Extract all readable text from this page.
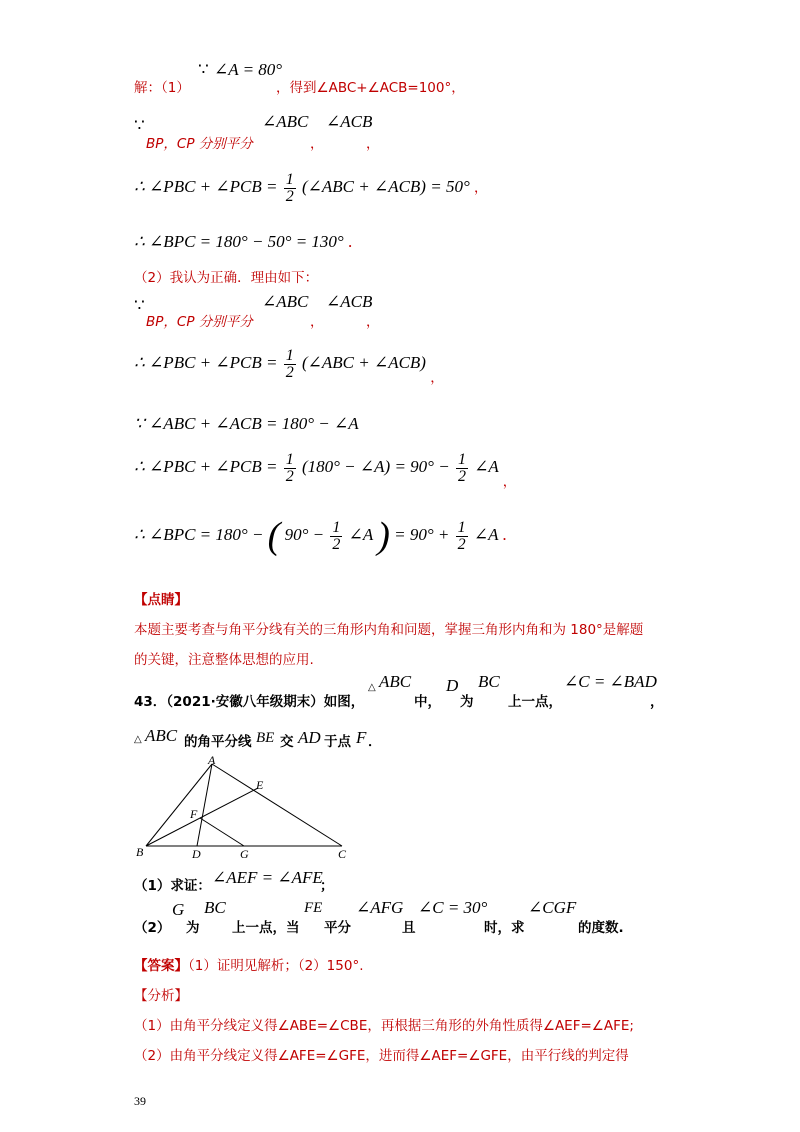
解：（1）
∵ ∠A = 80°
，得到∠ABC+∠ACB=100°，
∵
BP，CP 分别平分
∠ABC
，
∠ACB
，
∴ ∠PBC + ∠PCB = $\frac{1}{2}$ (∠ABC + ∠ACB) = 50° ，
∴ ∠BPC = 180° − 50° = 130° .
（2）我认为正确．理由如下：
∵
BP，CP 分别平分
∠ABC
，
∠ACB
，
∴ ∠PBC + ∠PCB = $\frac{1}{2}$ (∠ABC + ∠ACB) $_,$
∵ ∠ABC + ∠ACB = 180° − ∠A
∴ ∠PBC + ∠PCB = $\frac{1}{2} (180^\circ$ − ∠A) = $90^\circ - \frac{1}{2}$ ∠A $_,$
∴ ∠BPC = 180° − ( $90^\circ - \frac{1}{2}$ ∠A ) = $90^\circ + \frac{1}{2}$ ∠A .
【点睛】
本题主要考查与角平分线有关的三角形内角和问题，掌握三角形内角和为 180°是解题
的关键，注意整体思想的应用.
43．（2021·安徽八年级期末）如图，
△ ABC
中，
D
为
BC
上一点，
∠C = ∠BAD
，
△ ABC 的角平分线 BE 交 AD 于点 F ．
A
E
F
B	D	G	C
（1）求证： ∠AEF = ∠AFE
；
（2）
G
为
BC
上一点，当
FE
平分
∠AFG
且
∠C = 30°
时，求
∠CGF
的度数.
【答案】（1）证明见解析；（2）150°.
【分析】
（1）由角平分线定义得∠ABE=∠CBE，再根据三角形的外角性质得∠AEF=∠AFE;
（2）由角平分线定义得∠AFE=∠GFE，进而得∠AEF=∠GFE，由平行线的判定得
39
